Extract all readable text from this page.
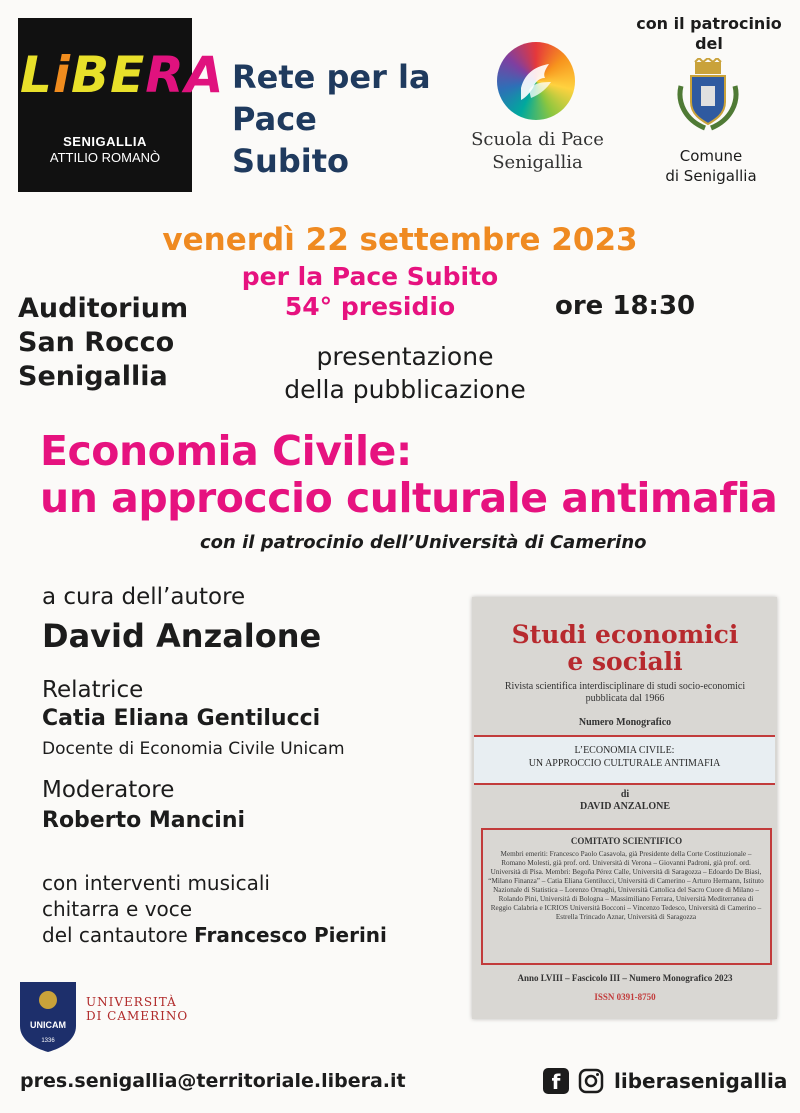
LiBERA
SENIGALLIA
ATTILIO ROMANÒ
Rete per la
Pace Subito
Scuola di Pace
Senigallia
con il patrocinio
del
Comune
di Senigallia
venerdì 22 settembre 2023
per la Pace Subito
54° presidio	ore 18:30
Auditorium
San Rocco
Senigallia
presentazione
della pubblicazione
Economia Civile:
un approccio culturale antimafia
con il patrocinio dell’Università di Camerino
a cura dell’autore
David Anzalone
Relatrice
Catia Eliana Gentilucci
Docente di Economia Civile Unicam
Moderatore
Roberto Mancini
con interventi musicali
chitarra e voce
del cantautore Francesco Pierini
Studi economici
e sociali
Rivista scientifica interdisciplinare di studi socio-economici
pubblicata dal 1966
Numero Monografico
L’ECONOMIA CIVILE:
UN APPROCCIO CULTURALE ANTIMAFIA
di
DAVID ANZALONE
COMITATO SCIENTIFICO
Membri emeriti: Francesco Paolo Casavola, già Presidente della Corte Costituzionale – Romano Molesti, già prof. ord. Università di Verona – Giovanni Padroni, già prof. ord. Università di Pisa. Membri: Begoña Pérez Calle, Università di Saragozza – Edoardo De Biasi, “Milano Finanza” – Catia Eliana Gentilucci, Università di Camerino – Arturo Hermann, Istituto Nazionale di Statistica – Lorenzo Ornaghi, Università Cattolica del Sacro Cuore di Milano – Rolando Pini, Università di Bologna – Massimiliano Ferrara, Università Mediterranea di Reggio Calabria e ICRIOS Università Bocconi – Vincenzo Tedesco, Università di Camerino – Estrella Trincado Aznar, Università di Saragozza
Anno LVIII – Fascicolo III – Numero Monografico 2023
ISSN 0391-8750
UNICAM
1336
UNIVERSITÀ
DI CAMERINO
pres.senigallia@territoriale.libera.it	f	liberasenigallia
